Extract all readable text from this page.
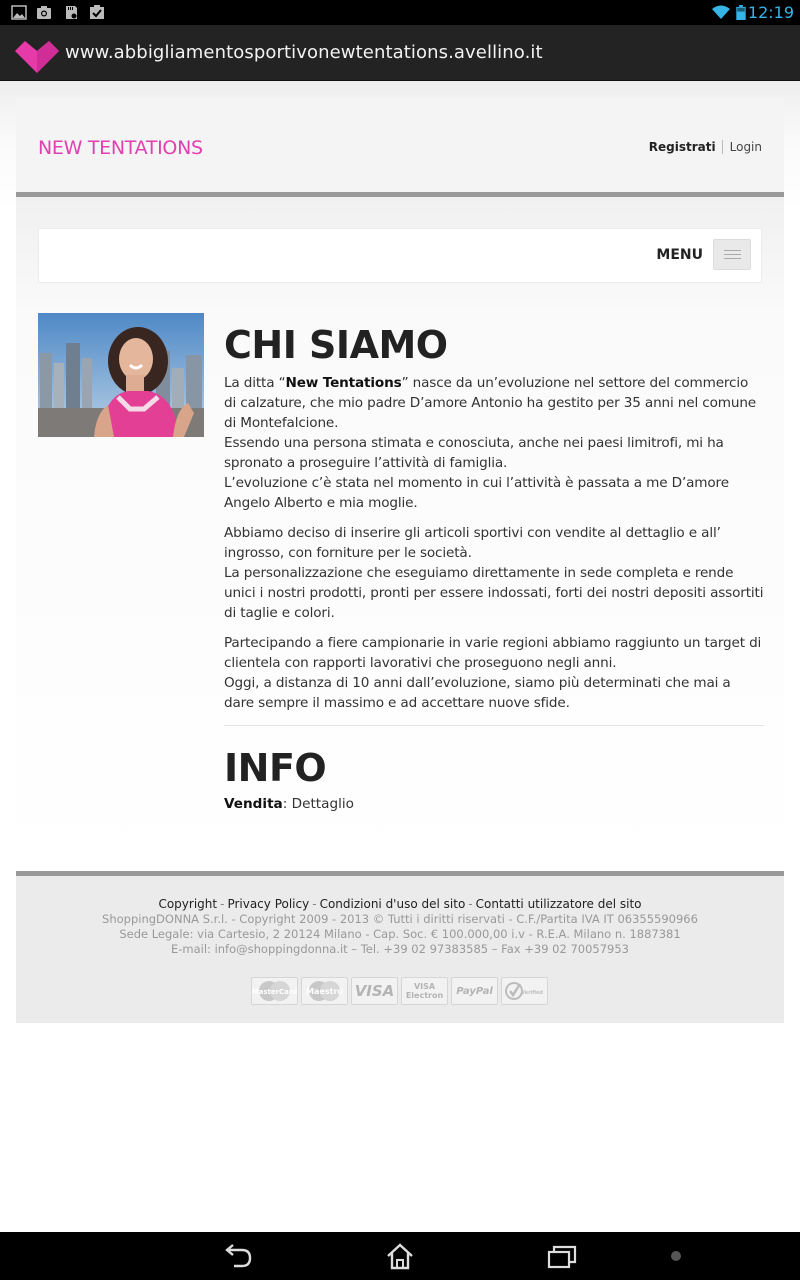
12:19
www.abbigliamentosportivonewtentations.avellino.it
NEW TENTATIONS	Registrati Login
MENU
CHI SIAMO

La ditta “New Tentations” nasce da un’evoluzione nel settore del commercio di calzature, che mio padre D’amore Antonio ha gestito per 35 anni nel comune di Montefalcione.
Essendo una persona stimata e conosciuta, anche nei paesi limitrofi, mi ha spronato a proseguire l’attività di famiglia.
L’evoluzione c’è stata nel momento in cui l’attività è passata a me D’amore Angelo Alberto e mia moglie.

Abbiamo deciso di inserire gli articoli sportivi con vendite al dettaglio e all’ ingrosso, con forniture per le società.
La personalizzazione che eseguiamo direttamente in sede completa e rende unici i nostri prodotti, pronti per essere indossati, forti dei nostri depositi assortiti di taglie e colori.

Partecipando a fiere campionarie in varie regioni abbiamo raggiunto un target di clientela con rapporti lavorativi che proseguono negli anni.
Oggi, a distanza di 10 anni dall’evoluzione, siamo più determinati che mai a dare sempre il massimo e ad accettare nuove sfide.

INFO

Vendita: Dettaglio

Copyright - Privacy Policy - Condizioni d'uso del sito - Contatti utilizzatore del sito
ShoppingDONNA S.r.l. - Copyright 2009 - 2013 © Tutti i diritti riservati - C.F./Partita IVA IT 06355590966
Sede Legale: via Cartesio, 2 20124 Milano - Cap. Soc. € 100.000,00 i.v - R.E.A. Milano n. 1887381
E-mail: info@shoppingdonna.it – Tel. +39 02 97383585 – Fax +39 02 70057953
MasterCard Maestro VISA	VISA Electron	PayPal	Verified
